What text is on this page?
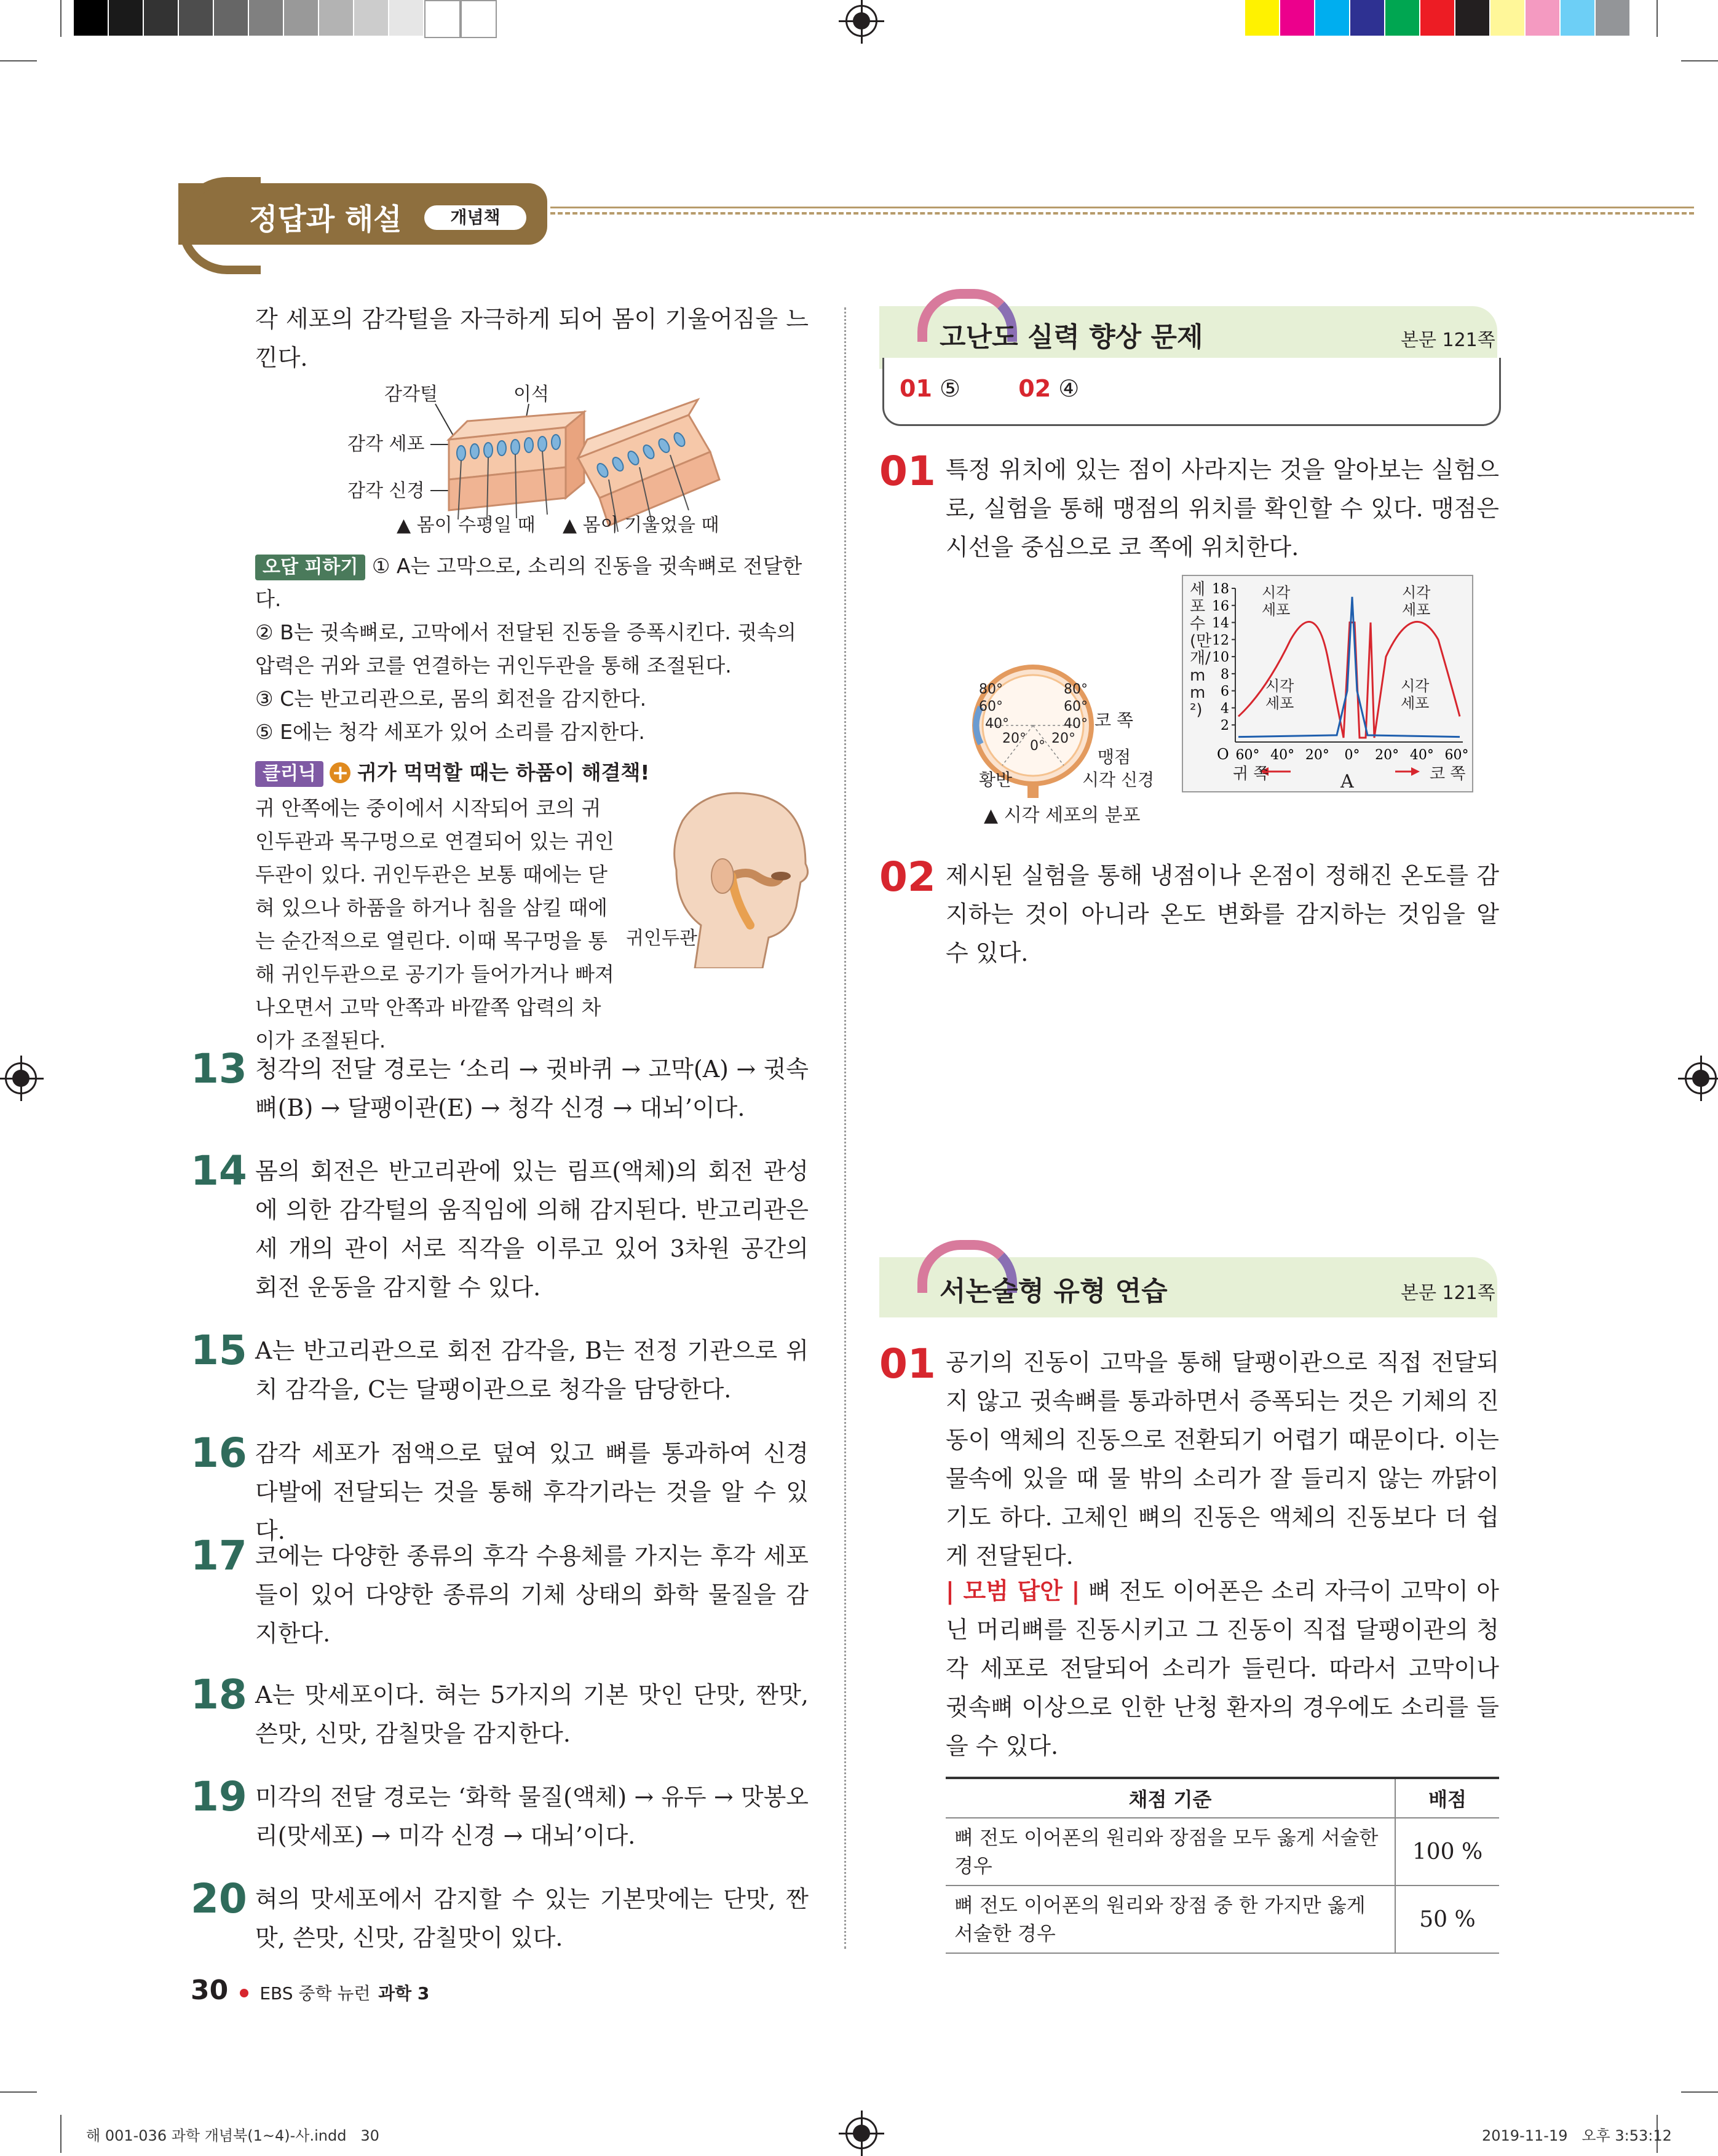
정답과 해설	개념책
각 세포의 감각털을 자극하게 되어 몸이 기울어짐을 느낀다.
감각털	이석
감각 세포
감각 신경
▲ 몸이 수평일 때 ▲ 몸이 기울었을 때
오답 피하기 ① A는 고막으로, 소리의 진동을 귓속뼈로 전달한다.
② B는 귓속뼈로, 고막에서 전달된 진동을 증폭시킨다. 귓속의 압력은 귀와 코를 연결하는 귀인두관을 통해 조절된다.
③ C는 반고리관으로, 몸의 회전을 감지한다.
⑤ E에는 청각 세포가 있어 소리를 감지한다.
클리닉 + 귀가 먹먹할 때는 하품이 해결책!
귀 안쪽에는 중이에서 시작되어 코의 귀인두관과 목구멍으로 연결되어 있는 귀인두관이 있다. 귀인두관은 보통 때에는 닫혀 있으나 하품을 하거나 침을 삼킬 때에는 순간적으로 열린다. 이때 목구멍을 통해 귀인두관으로 공기가 들어가거나 빠져나오면서 고막 안쪽과 바깥쪽 압력의 차이가 조절된다.
귀인두관
13 청각의 전달 경로는 ‘소리 → 귓바퀴 → 고막(A) → 귓속뼈(B) → 달팽이관(E) → 청각 신경 → 대뇌’이다.
14 몸의 회전은 반고리관에 있는 림프(액체)의 회전 관성에 의한 감각털의 움직임에 의해 감지된다. 반고리관은 세 개의 관이 서로 직각을 이루고 있어 3차원 공간의 회전 운동을 감지할 수 있다.
15 A는 반고리관으로 회전 감각을, B는 전정 기관으로 위치 감각을, C는 달팽이관으로 청각을 담당한다.
16 감각 세포가 점액으로 덮여 있고 뼈를 통과하여 신경 다발에 전달되는 것을 통해 후각기라는 것을 알 수 있다.
17 코에는 다양한 종류의 후각 수용체를 가지는 후각 세포들이 있어 다양한 종류의 기체 상태의 화학 물질을 감지한다.
18 A는 맛세포이다. 혀는 5가지의 기본 맛인 단맛, 짠맛, 쓴맛, 신맛, 감칠맛을 감지한다.
19 미각의 전달 경로는 ‘화학 물질(액체) → 유두 → 맛봉오리(맛세포) → 미각 신경 → 대뇌’이다.
20 혀의 맛세포에서 감지할 수 있는 기본맛에는 단맛, 짠맛, 쓴맛, 신맛, 감칠맛이 있다.
고난도 실력 향상 문제	본문 121쪽
01 ⑤ 02 ④
01 특정 위치에 있는 점이 사라지는 것을 알아보는 실험으로, 실험을 통해 맹점의 위치를 확인할 수 있다. 맹점은 시선을 중심으로 코 쪽에 위치한다.
80°
60°
40°
20° 0° 20°
40°
60°
80°
코 쪽
맹점
황반	시각 신경
▲ 시각 세포의 분포
2
4
6
8
10
12
14
16
18
O 60° 40° 20° 0° 20° 40° 60°
세포 수(만 개/mm²)
시각 세포
시각 세포
시각 세포
시각 세포
귀 쪽	코 쪽
A
02 제시된 실험을 통해 냉점이나 온점이 정해진 온도를 감지하는 것이 아니라 온도 변화를 감지하는 것임을 알 수 있다.
서논술형 유형 연습	본문 121쪽
01 공기의 진동이 고막을 통해 달팽이관으로 직접 전달되지 않고 귓속뼈를 통과하면서 증폭되는 것은 기체의 진동이 액체의 진동으로 전환되기 어렵기 때문이다. 이는 물속에 있을 때 물 밖의 소리가 잘 들리지 않는 까닭이기도 하다. 고체인 뼈의 진동은 액체의 진동보다 더 쉽게 전달된다.
| 모범 답안 | 뼈 전도 이어폰은 소리 자극이 고막이 아닌 머리뼈를 진동시키고 그 진동이 직접 달팽이관의 청각 세포로 전달되어 소리가 들린다. 따라서 고막이나 귓속뼈 이상으로 인한 난청 환자의 경우에도 소리를 들을 수 있다.
채점 기준	배점
뼈 전도 이어폰의 원리와 장점을 모두 옳게 서술한 경우	100 %
뼈 전도 이어폰의 원리와 장점 중 한 가지만 옳게 서술한 경우	50 %
30 EBS 중학 뉴런 과학 3
해 001-036 과학 개념북(1~4)-사.indd   30	2019-11-19   오후 3:53:12
